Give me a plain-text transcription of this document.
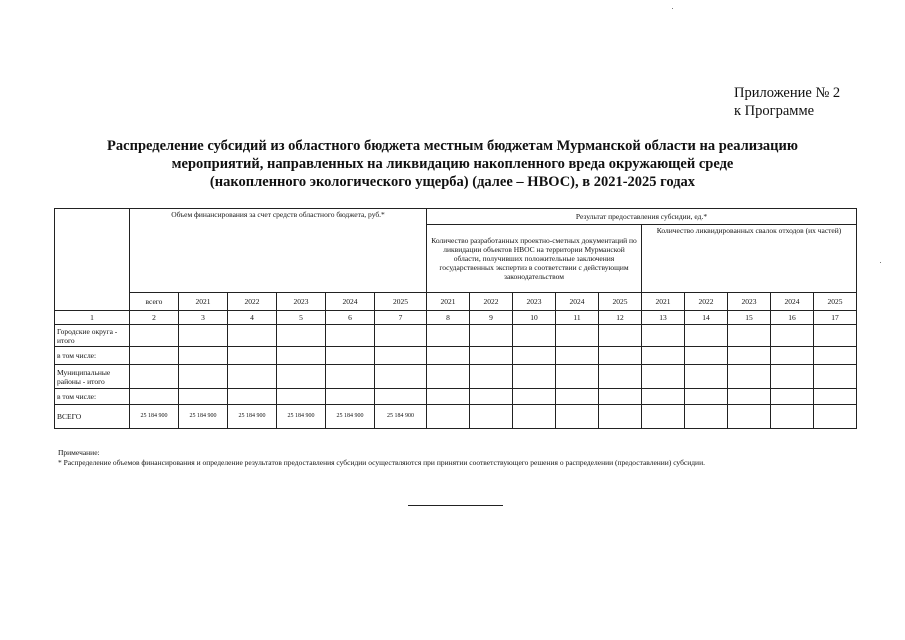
Приложение № 2
к Программе
Распределение субсидий из областного бюджета местным бюджетам Мурманской области на реализацию
мероприятий, направленных на ликвидацию накопленного вреда окружающей среде
(накопленного экологического ущерба) (далее – НВОС), в 2021-2025 годах
	Объем финансирования за счет средств областного бюджета, руб.*						Результат предоставления субсидии, ед.*									
							Количество разработанных проектно-сметных документаций по ликвидации объектов НВОС на территории Мурманской области, получивших положительные заключения государственных экспертиз в соответствии с действующим законодательством					Количество ликвидированных свалок отходов (их частей)				
	всего	2021	2022	2023	2024	2025	2021	2022	2023	2024	2025	2021	2022	2023	2024	2025
1	2	3	4	5	6	7	8	9	10	11	12	13	14	15	16	17
Городские округа - итого																
в том числе:																
Муниципальные районы - итого																
в том числе:																
ВСЕГО	25 184 900	25 184 900	25 184 900	25 184 900	25 184 900	25 184 900										
Примечание:
* Распределение объемов финансирования и определение результатов предоставления субсидии осуществляются при принятии соответствующего решения о распределении (предоставлении) субсидии.
